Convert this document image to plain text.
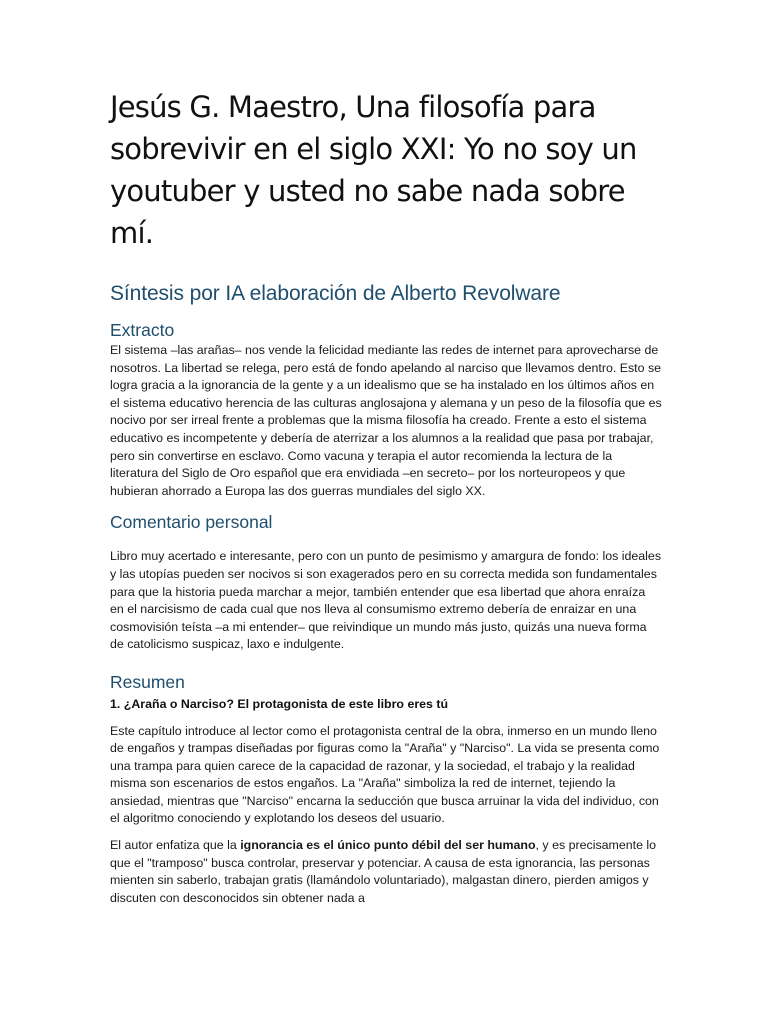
Jesús G. Maestro, Una filosofía para sobrevivir en el siglo XXI: Yo no soy un youtuber y usted no sabe nada sobre mí.
Síntesis por IA elaboración de Alberto Revolware
Extracto

El sistema –las arañas– nos vende la felicidad mediante las redes de internet para aprovecharse de nosotros. La libertad se relega, pero está de fondo apelando al narciso que llevamos dentro. Esto se logra gracia a la ignorancia de la gente y a un idealismo que se ha instalado en los últimos años en el sistema educativo herencia de las culturas anglosajona y alemana y un peso de la filosofía que es nocivo por ser irreal frente a problemas que la misma filosofía ha creado. Frente a esto el sistema educativo es incompetente y debería de aterrizar a los alumnos a la realidad que pasa por trabajar, pero sin convertirse en esclavo. Como vacuna y terapia el autor recomienda la lectura de la literatura del Siglo de Oro español que era envidiada –en secreto– por los norteuropeos y que hubieran ahorrado a Europa las dos guerras mundiales del siglo XX.

Comentario personal

Libro muy acertado e interesante, pero con un punto de pesimismo y amargura de fondo: los ideales y las utopías pueden ser nocivos si son exagerados pero en su correcta medida son fundamentales para que la historia pueda marchar a mejor, también entender que esa libertad que ahora enraíza en el narcisismo de cada cual que nos lleva al consumismo extremo debería de enraizar en una cosmovisión teísta –a mi entender– que reivindique un mundo más justo, quizás una nueva forma de catolicismo suspicaz, laxo e indulgente.

Resumen
1. ¿Araña o Narciso? El protagonista de este libro eres tú

Este capítulo introduce al lector como el protagonista central de la obra, inmerso en un mundo lleno de engaños y trampas diseñadas por figuras como la "Araña" y "Narciso". La vida se presenta como una trampa para quien carece de la capacidad de razonar, y la sociedad, el trabajo y la realidad misma son escenarios de estos engaños. La "Araña" simboliza la red de internet, tejiendo la ansiedad, mientras que "Narciso" encarna la seducción que busca arruinar la vida del individuo, con el algoritmo conociendo y explotando los deseos del usuario.

El autor enfatiza que la ignorancia es el único punto débil del ser humano, y es precisamente lo que el "tramposo" busca controlar, preservar y potenciar. A causa de esta ignorancia, las personas mienten sin saberlo, trabajan gratis (llamándolo voluntariado), malgastan dinero, pierden amigos y discuten con desconocidos sin obtener nada a
